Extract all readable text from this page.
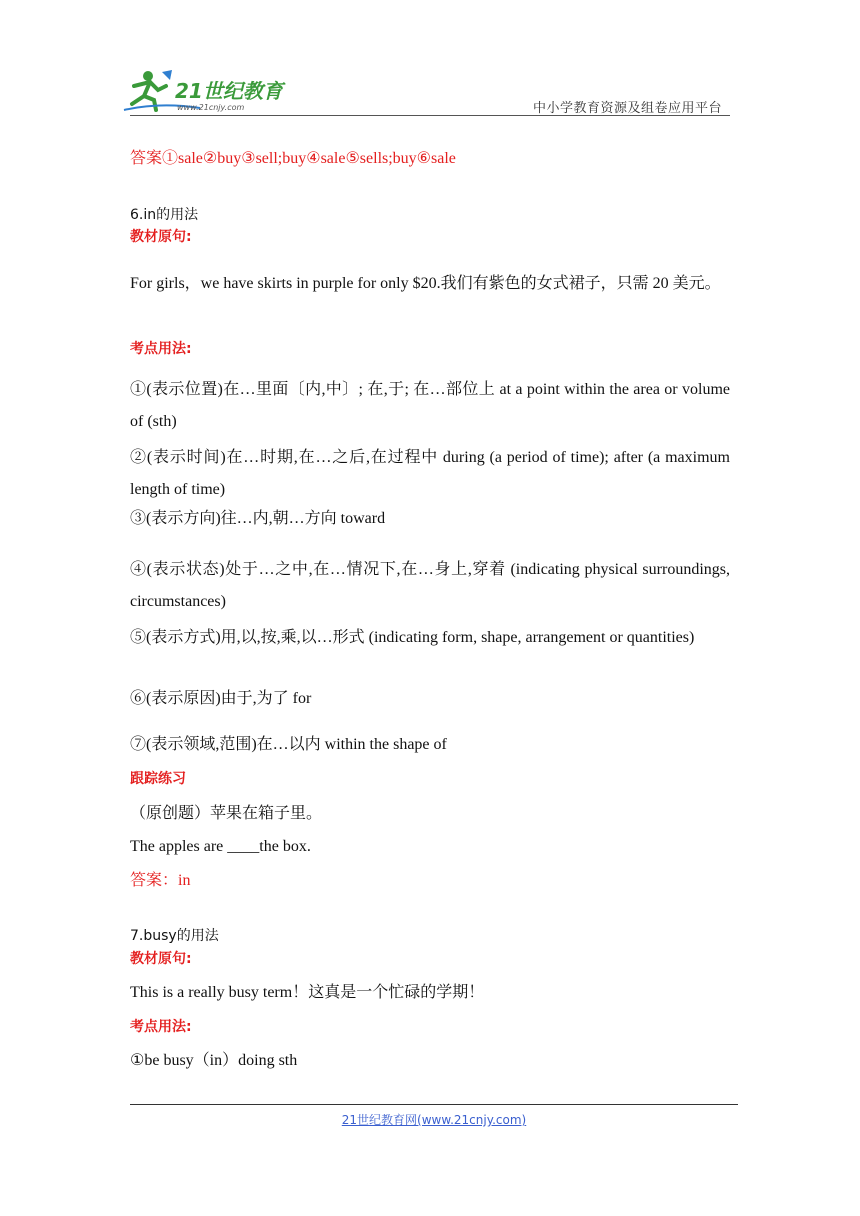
21世纪教育
www.21cnjy.com	中小学教育资源及组卷应用平台
答案①sale②buy③sell;buy④sale⑤sells;buy⑥sale
6.in的用法
教材原句:
For girls，we have skirts in purple for only $20.我们有紫色的女式裙子，只需 20 美元。
考点用法:
①(表示位置)在…里面〔内,中〕; 在,于; 在…部位上 at a point within the area or volume of (sth)
②(表示时间)在…时期,在…之后,在过程中 during (a period of time); after (a maximum length of time)
③(表示方向)往…内,朝…方向 toward
④(表示状态)处于…之中,在…情况下,在…身上,穿着 (indicating physical surroundings, circumstances)
⑤(表示方式)用,以,按,乘,以…形式 (indicating form, shape, arrangement or quantities)
⑥(表示原因)由于,为了 for
⑦(表示领域,范围)在…以内 within the shape of
跟踪练习
（原创题）苹果在箱子里。
The apples are ____the box.
答案：in
7.busy的用法
教材原句:
This is a really busy term！这真是一个忙碌的学期！
考点用法:
①be busy（in）doing sth
21世纪教育网(www.21cnjy.com)
